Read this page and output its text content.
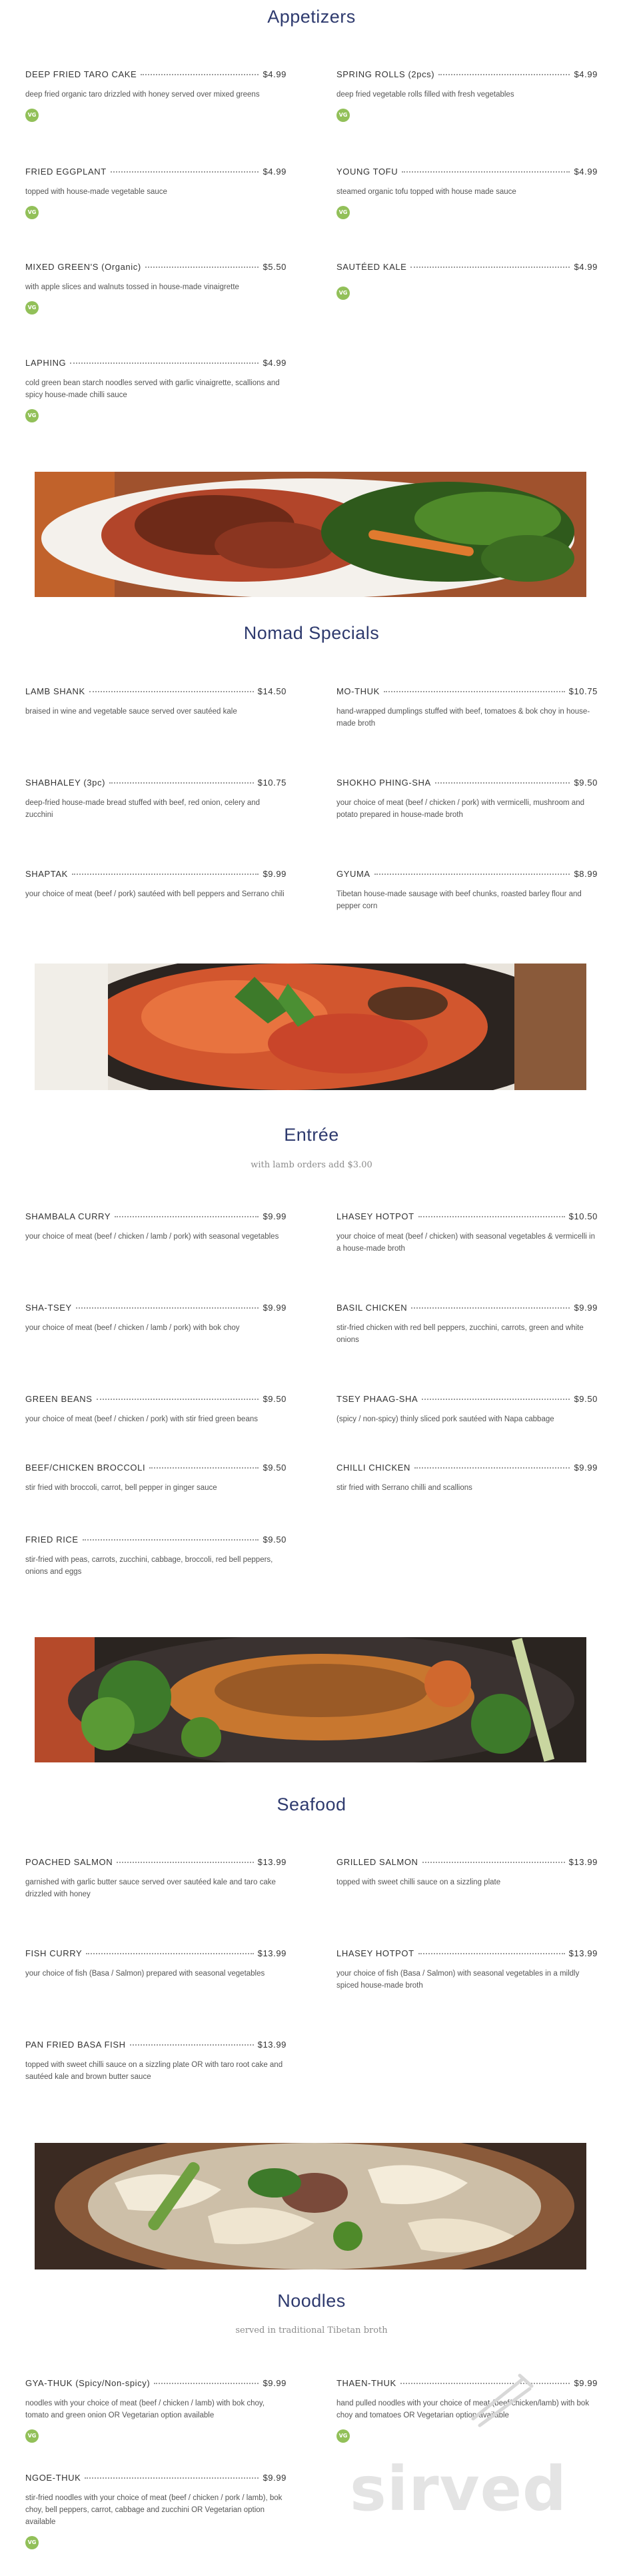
Appetizers
DEEP FRIED TARO CAKE	$4.99
deep fried organic taro drizzled with honey served over mixed greens
VG
SPRING ROLLS (2pcs)	$4.99
deep fried vegetable rolls filled with fresh vegetables
VG
FRIED EGGPLANT	$4.99
topped with house-made vegetable sauce
VG
YOUNG TOFU	$4.99
steamed organic tofu topped with house made sauce
VG
MIXED GREEN'S (Organic)	$5.50
with apple slices and walnuts tossed in house-made vinaigrette
VG
SAUTÉED KALE	$4.99
VG
LAPHING	$4.99
cold green bean starch noodles served with garlic vinaigrette, scallions and spicy house-made chilli sauce
VG
Nomad Specials
LAMB SHANK	$14.50
braised in wine and vegetable sauce served over sautéed kale
MO-THUK	$10.75
hand-wrapped dumplings stuffed with beef, tomatoes & bok choy in house-made broth
SHABHALEY (3pc)	$10.75
deep-fried house-made bread stuffed with beef, red onion, celery and zucchini
SHOKHO PHING-SHA	$9.50
your choice of meat (beef / chicken / pork) with vermicelli, mushroom and potato prepared in house-made broth
SHAPTAK	$9.99
your choice of meat (beef / pork) sautéed with bell peppers and Serrano chili
GYUMA	$8.99
Tibetan house-made sausage with beef chunks, roasted barley flour and pepper corn
Entrée

with lamb orders add $3.00

SHAMBALA CURRY	$9.99
your choice of meat (beef / chicken / lamb / pork) with seasonal vegetables
LHASEY HOTPOT	$10.50
your choice of meat (beef / chicken) with seasonal vegetables & vermicelli in a house-made broth
SHA-TSEY	$9.99
your choice of meat (beef / chicken / lamb / pork) with bok choy
BASIL CHICKEN	$9.99
stir-fried chicken with red bell peppers, zucchini, carrots, green and white onions
GREEN BEANS	$9.50
your choice of meat (beef / chicken / pork) with stir fried green beans
TSEY PHAAG-SHA	$9.50
(spicy / non-spicy) thinly sliced pork sautéed with Napa cabbage
BEEF/CHICKEN BROCCOLI	$9.50
stir fried with broccoli, carrot, bell pepper in ginger sauce
CHILLI CHICKEN	$9.99
stir fried with Serrano chilli and scallions
FRIED RICE	$9.50
stir-fried with peas, carrots, zucchini, cabbage, broccoli, red bell peppers, onions and eggs
Seafood
POACHED SALMON	$13.99
garnished with garlic butter sauce served over sautéed kale and taro cake drizzled with honey
GRILLED SALMON	$13.99
topped with sweet chilli sauce on a sizzling plate
FISH CURRY	$13.99
your choice of fish (Basa / Salmon) prepared with seasonal vegetables
LHASEY HOTPOT	$13.99
your choice of fish (Basa / Salmon) with seasonal vegetables in a mildly spiced house-made broth
PAN FRIED BASA FISH	$13.99
topped with sweet chilli sauce on a sizzling plate OR with taro root cake and sautéed kale and brown butter sauce
Noodles

served in traditional Tibetan broth

GYA-THUK (Spicy/Non-spicy)	$9.99
noodles with your choice of meat (beef / chicken / lamb) with bok choy, tomato and green onion OR Vegetarian option available
VG
THAEN-THUK	$9.99
hand pulled noodles with your choice of meat (beef/chicken/lamb) with bok choy and tomatoes OR Vegetarian option available
VG
NGOE-THUK	$9.99
stir-fried noodles with your choice of meat (beef / chicken / pork / lamb), bok choy, bell peppers, carrot, cabbage and zucchini OR Vegetarian option available
VG
sirved
